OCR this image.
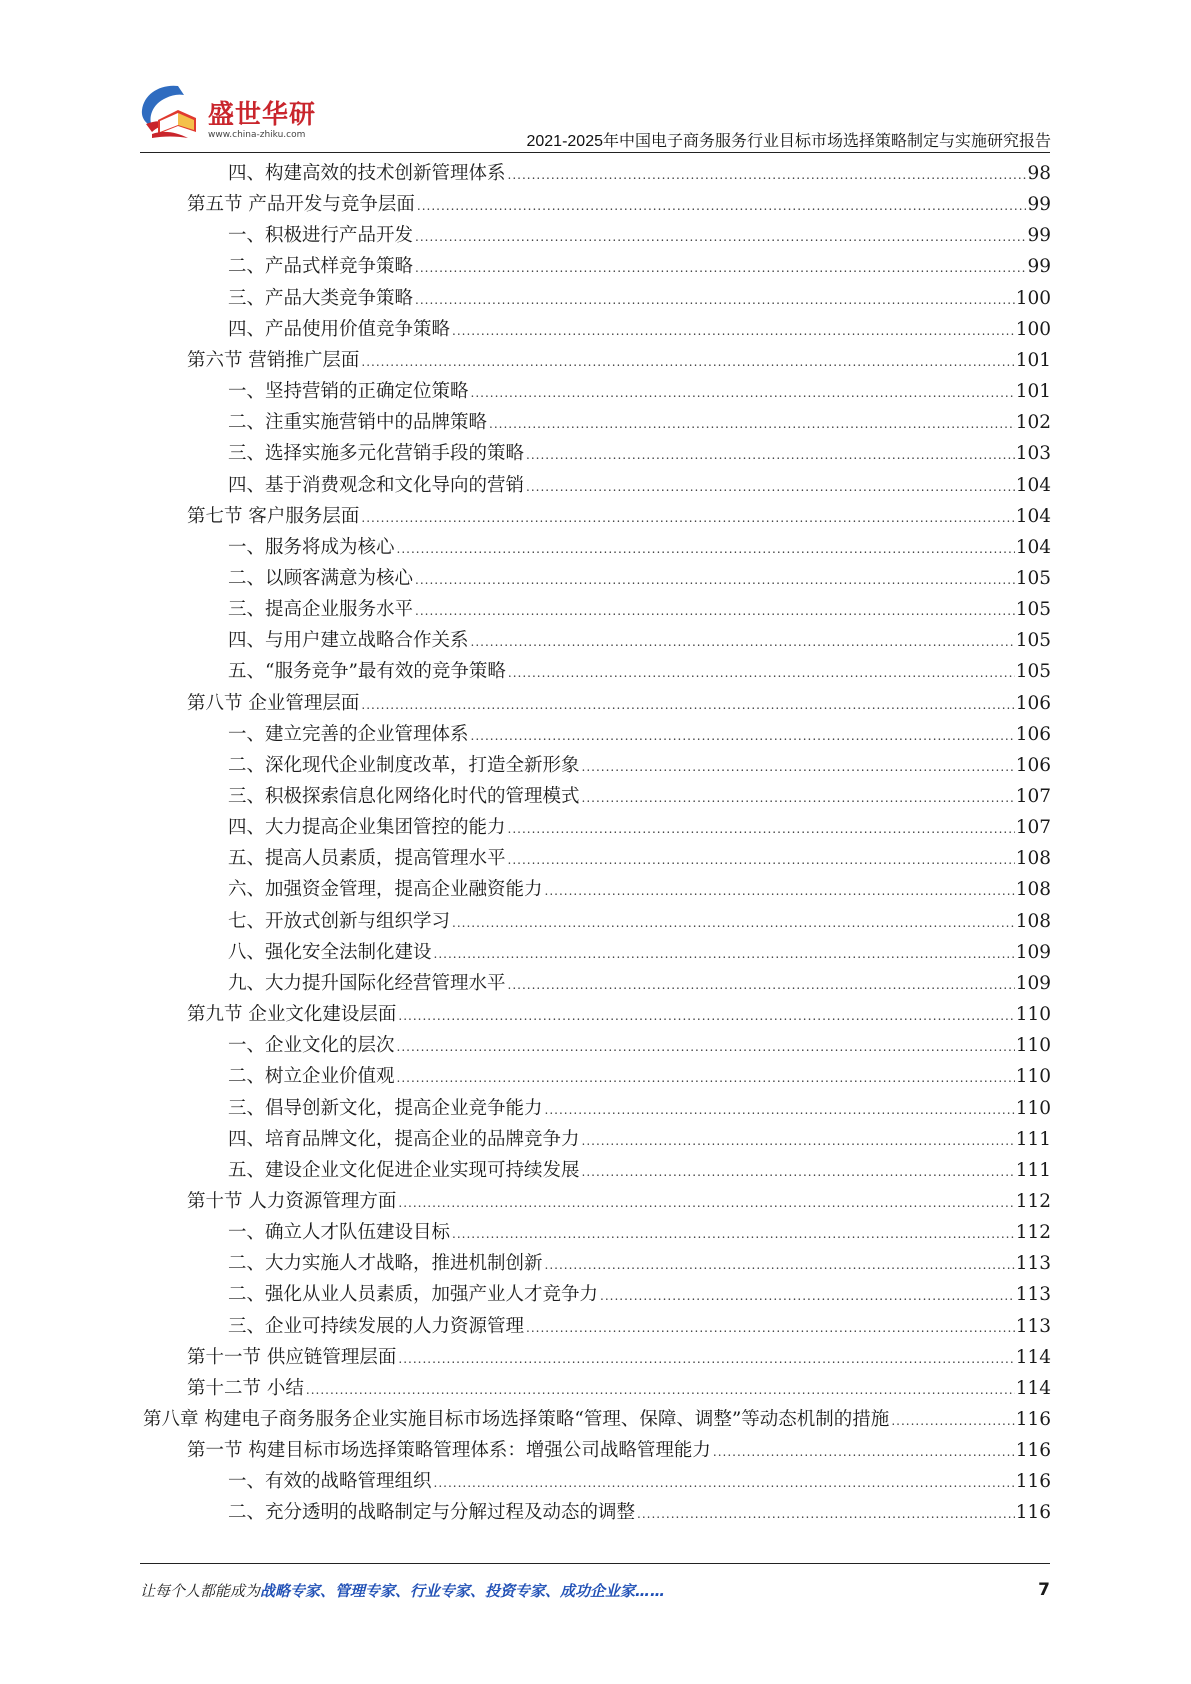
盛世华研
www.china-zhiku.com	2021-2025年中国电子商务服务行业目标市场选择策略制定与实施研究报告
四、构建高效的技术创新管理体系 .....	98
第五节 产品开发与竞争层面 .....	99
一、积极进行产品开发 .....	99
二、产品式样竞争策略 .....	99
三、产品大类竞争策略 .....	100
四、产品使用价值竞争策略 .....	100
第六节 营销推广层面 .....	101
一、坚持营销的正确定位策略 .....	101
二、注重实施营销中的品牌策略 .....	102
三、选择实施多元化营销手段的策略 .....	103
四、基于消费观念和文化导向的营销 .....	104
第七节 客户服务层面 .....	104
一、服务将成为核心 .....	104
二、以顾客满意为核心 .....	105
三、提高企业服务水平 .....	105
四、与用户建立战略合作关系 .....	105
五、“服务竞争”最有效的竞争策略 .....	105
第八节 企业管理层面 .....	106
一、建立完善的企业管理体系 .....	106
二、深化现代企业制度改革，打造全新形象 .....	106
三、积极探索信息化网络化时代的管理模式 .....	107
四、大力提高企业集团管控的能力 .....	107
五、提高人员素质，提高管理水平 .....	108
六、加强资金管理，提高企业融资能力 .....	108
七、开放式创新与组织学习 .....	108
八、强化安全法制化建设 .....	109
九、大力提升国际化经营管理水平 .....	109
第九节 企业文化建设层面 .....	110
一、企业文化的层次 .....	110
二、树立企业价值观 .....	110
三、倡导创新文化，提高企业竞争能力 .....	110
四、培育品牌文化，提高企业的品牌竞争力 .....	111
五、建设企业文化促进企业实现可持续发展 .....	111
第十节 人力资源管理方面 .....	112
一、确立人才队伍建设目标 .....	112
二、大力实施人才战略，推进机制创新 .....	113
二、强化从业人员素质，加强产业人才竞争力 .....	113
三、企业可持续发展的人力资源管理 .....	113
第十一节 供应链管理层面 .....	114
第十二节 小结 .....	114
第八章 构建电子商务服务企业实施目标市场选择策略“管理、保障、调整”等动态机制的措施 .....	116
第一节 构建目标市场选择策略管理体系：增强公司战略管理能力 .....	116
一、有效的战略管理组织 .....	116
二、充分透明的战略制定与分解过程及动态的调整 .....	116
让每个人都能成为战略专家、管理专家、行业专家、投资专家、成功企业家……	7
